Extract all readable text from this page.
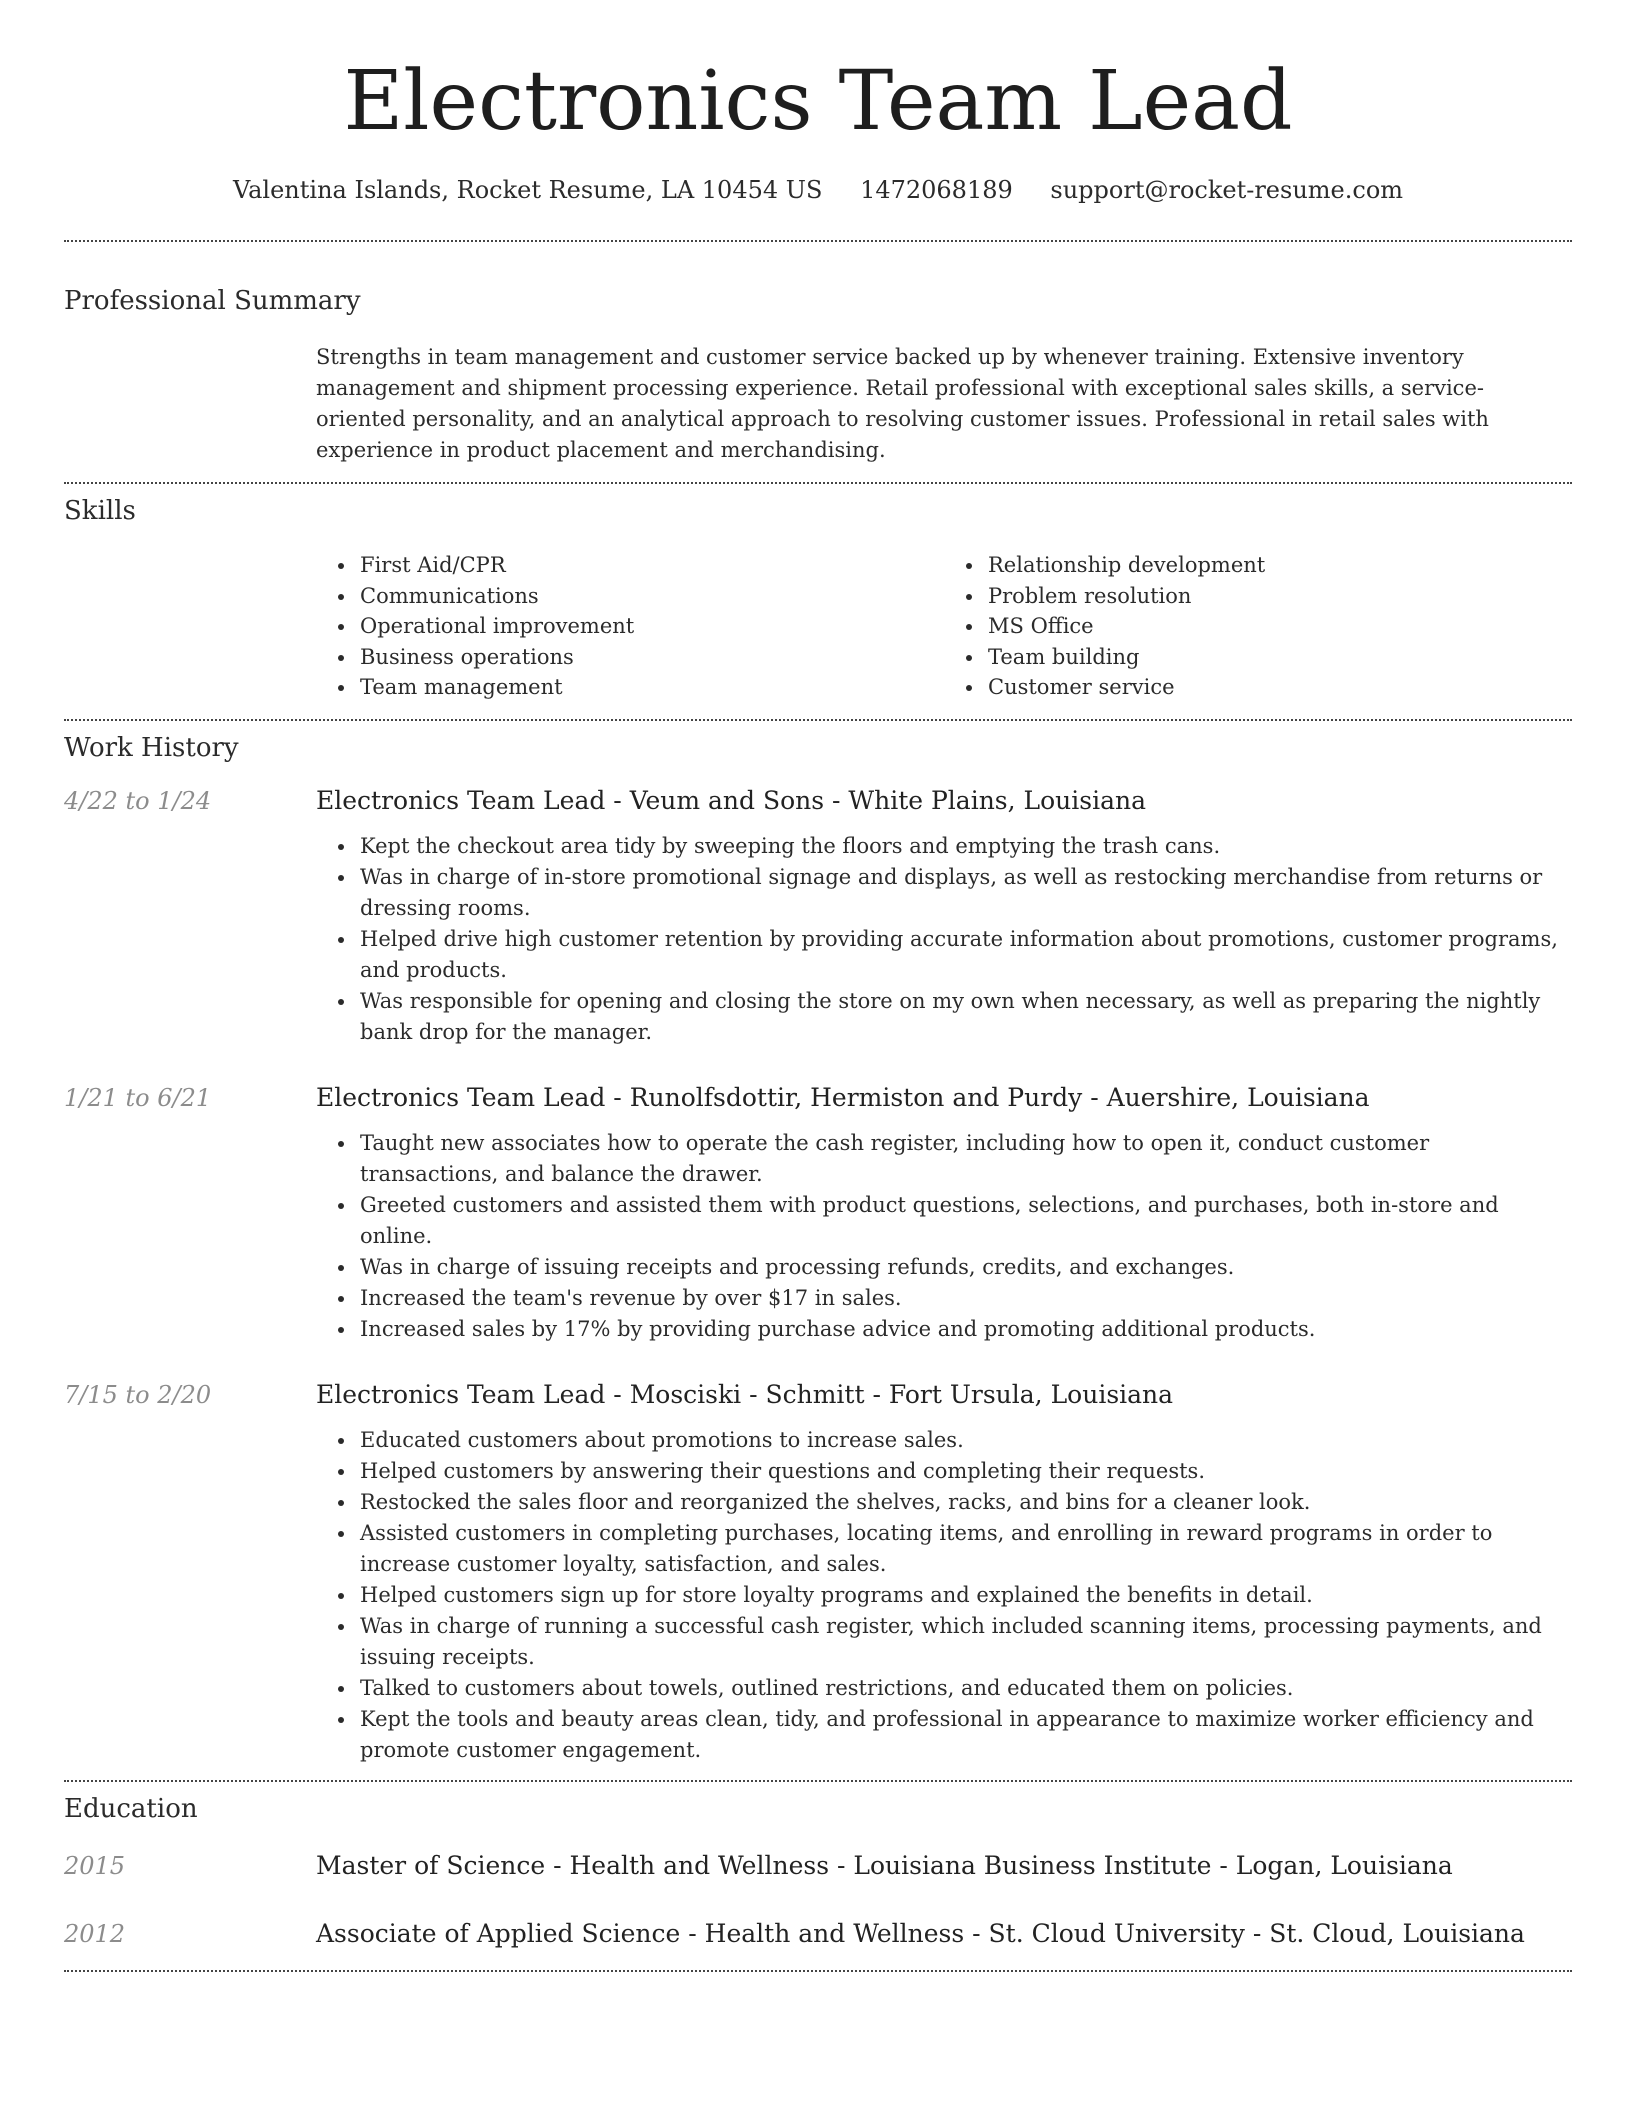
Electronics Team Lead
Valentina Islands, Rocket Resume, LA 10454 US 1472068189 support@rocket-resume.com
Professional Summary
Strengths in team management and customer service backed up by whenever training. Extensive inventory management and shipment processing experience. Retail professional with exceptional sales skills, a service-oriented personality, and an analytical approach to resolving customer issues. Professional in retail sales with experience in product placement and merchandising.
Skills
First Aid/CPR
Communications
Operational improvement
Business operations
Team management
Relationship development
Problem resolution
MS Office
Team building
Customer service
Work History
4/22 to 1/24	Electronics Team Lead - Veum and Sons - White Plains, Louisiana
Kept the checkout area tidy by sweeping the floors and emptying the trash cans.
Was in charge of in-store promotional signage and displays, as well as restocking merchandise from returns or dressing rooms.
Helped drive high customer retention by providing accurate information about promotions, customer programs, and products.
Was responsible for opening and closing the store on my own when necessary, as well as preparing the nightly bank drop for the manager.
1/21 to 6/21	Electronics Team Lead - Runolfsdottir, Hermiston and Purdy - Auershire, Louisiana
Taught new associates how to operate the cash register, including how to open it, conduct customer transactions, and balance the drawer.
Greeted customers and assisted them with product questions, selections, and purchases, both in-store and online.
Was in charge of issuing receipts and processing refunds, credits, and exchanges.
Increased the team's revenue by over $17 in sales.
Increased sales by 17% by providing purchase advice and promoting additional products.
7/15 to 2/20	Electronics Team Lead - Mosciski - Schmitt - Fort Ursula, Louisiana
Educated customers about promotions to increase sales.
Helped customers by answering their questions and completing their requests.
Restocked the sales floor and reorganized the shelves, racks, and bins for a cleaner look.
Assisted customers in completing purchases, locating items, and enrolling in reward programs in order to increase customer loyalty, satisfaction, and sales.
Helped customers sign up for store loyalty programs and explained the benefits in detail.
Was in charge of running a successful cash register, which included scanning items, processing payments, and issuing receipts.
Talked to customers about towels, outlined restrictions, and educated them on policies.
Kept the tools and beauty areas clean, tidy, and professional in appearance to maximize worker efficiency and promote customer engagement.
Education
2015	Master of Science - Health and Wellness - Louisiana Business Institute - Logan, Louisiana
2012	Associate of Applied Science - Health and Wellness - St. Cloud University - St. Cloud, Louisiana
